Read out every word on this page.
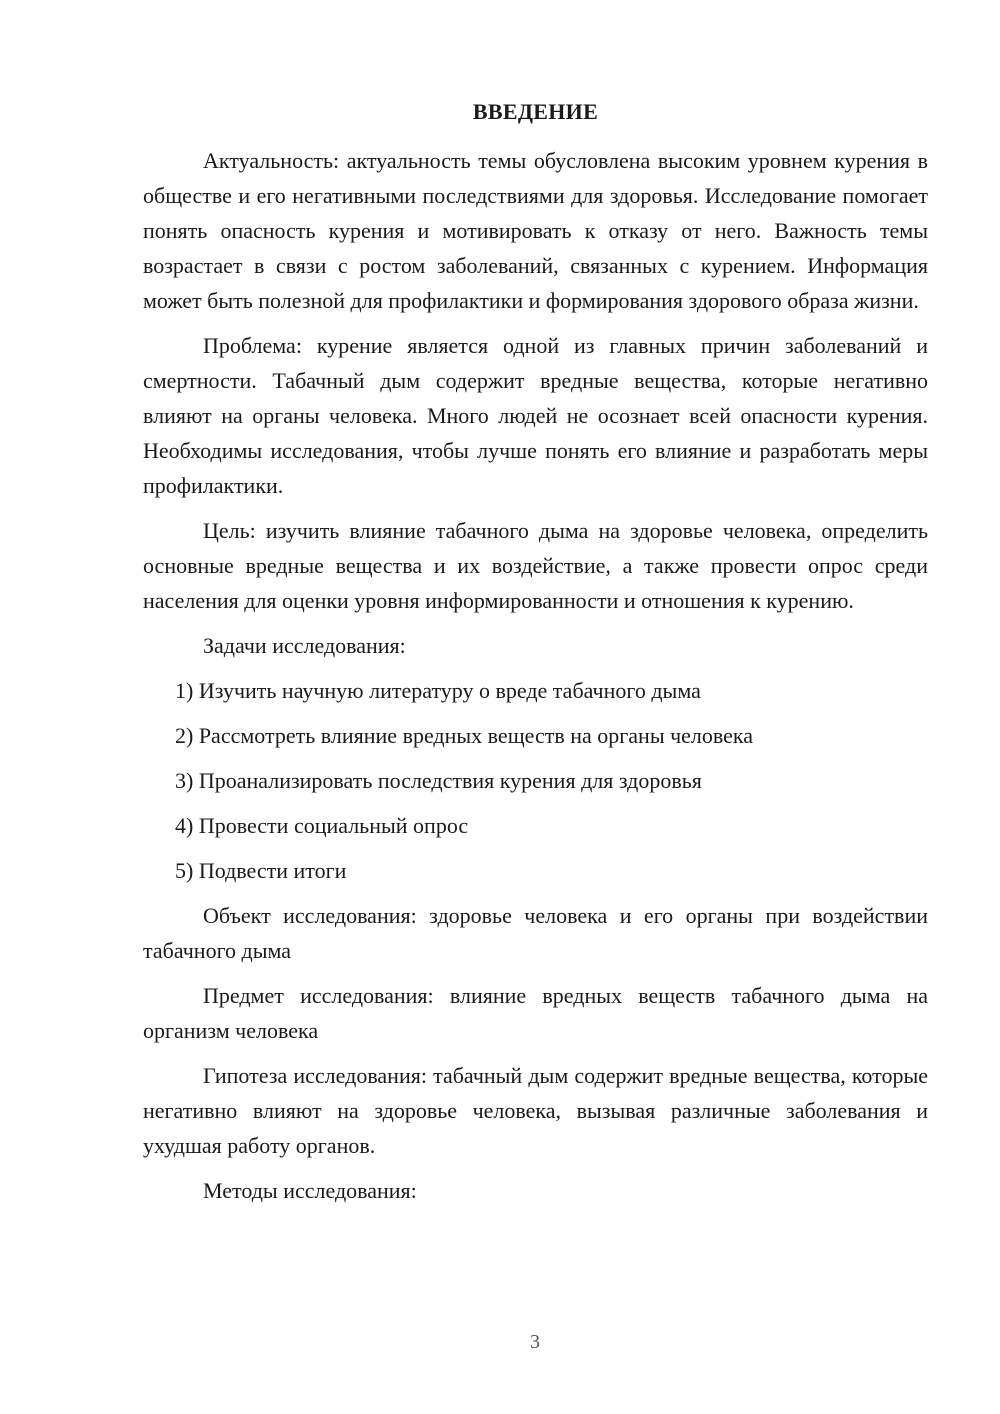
ВВЕДЕНИЕ

Актуальность: актуальность темы обусловлена высоким уровнем курения в обществе и его негативными последствиями для здоровья. Исследование помогает понять опасность курения и мотивировать к отказу от него. Важность темы возрастает в связи с ростом заболеваний, связанных с курением. Информация может быть полезной для профилактики и формирования здорового образа жизни.

Проблема: курение является одной из главных причин заболеваний и смертности. Табачный дым содержит вредные вещества, которые негативно влияют на органы человека. Много людей не осознает всей опасности курения. Необходимы исследования, чтобы лучше понять его влияние и разработать меры профилактики.

Цель: изучить влияние табачного дыма на здоровье человека, определить основные вредные вещества и их воздействие, а также провести опрос среди населения для оценки уровня информированности и отношения к курению.

Задачи исследования:

1) Изучить научную литературу о вреде табачного дыма
2) Рассмотреть влияние вредных веществ на органы человека
3) Проанализировать последствия курения для здоровья
4) Провести социальный опрос
5) Подвести итоги

Объект исследования: здоровье человека и его органы при воздействии табачного дыма

Предмет исследования: влияние вредных веществ табачного дыма на организм человека

Гипотеза исследования: табачный дым содержит вредные вещества, которые негативно влияют на здоровье человека, вызывая различные заболевания и ухудшая работу органов.

Методы исследования:

3
